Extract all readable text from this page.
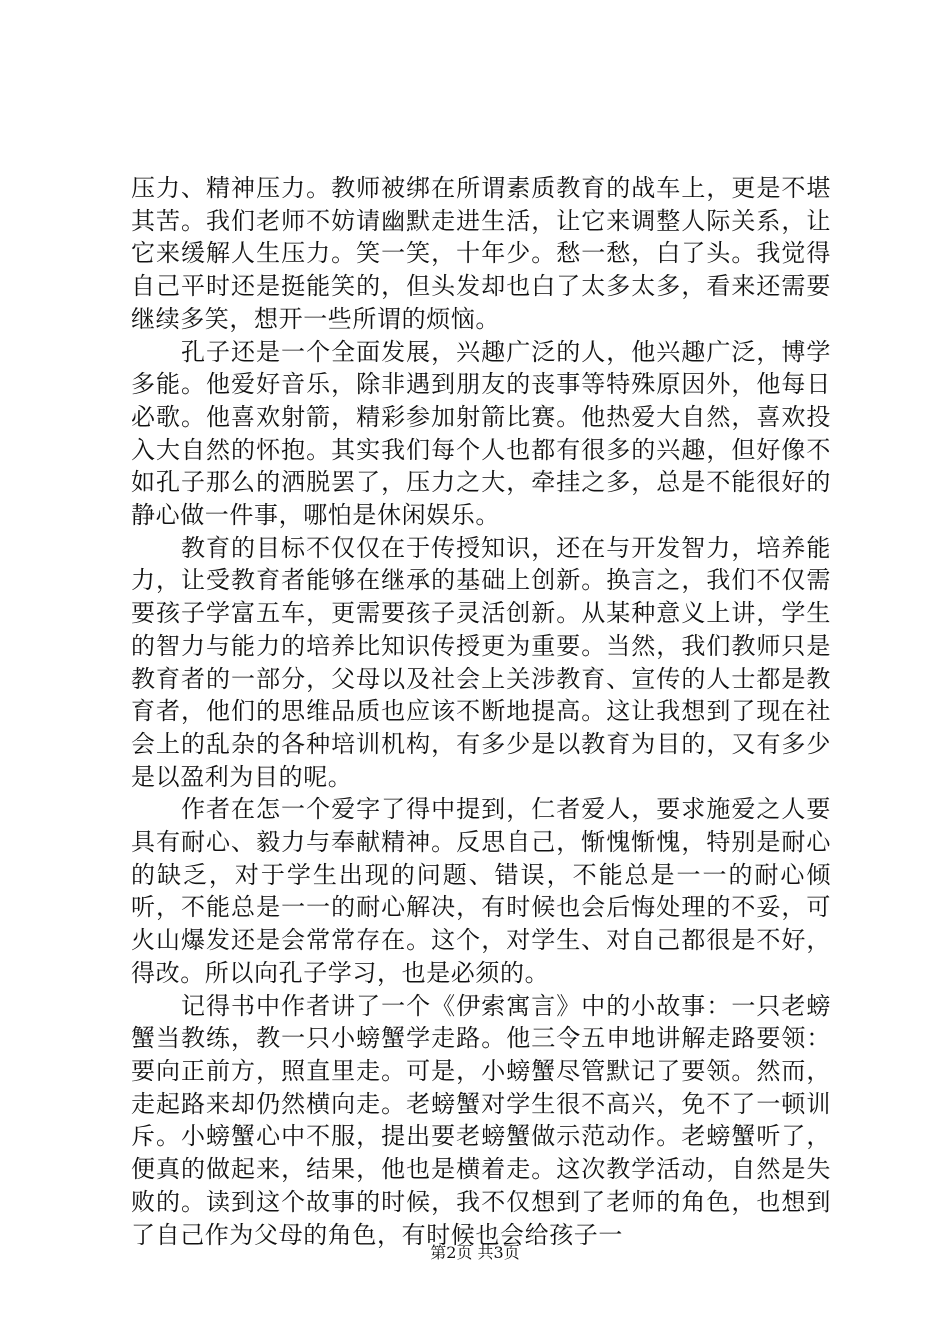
压力、精神压力。教师被绑在所谓素质教育的战车上，更是不堪其苦。我们老师不妨请幽默走进生活，让它来调整人际关系，让它来缓解人生压力。笑一笑，十年少。愁一愁，白了头。我觉得自己平时还是挺能笑的，但头发却也白了太多太多，看来还需要继续多笑，想开一些所谓的烦恼。

孔子还是一个全面发展，兴趣广泛的人，他兴趣广泛，博学多能。他爱好音乐，除非遇到朋友的丧事等特殊原因外，他每日必歌。他喜欢射箭，精彩参加射箭比赛。他热爱大自然，喜欢投入大自然的怀抱。其实我们每个人也都有很多的兴趣，但好像不如孔子那么的洒脱罢了，压力之大，牵挂之多，总是不能很好的静心做一件事，哪怕是休闲娱乐。

教育的目标不仅仅在于传授知识，还在与开发智力，培养能力，让受教育者能够在继承的基础上创新。换言之，我们不仅需要孩子学富五车，更需要孩子灵活创新。从某种意义上讲，学生的智力与能力的培养比知识传授更为重要。当然，我们教师只是教育者的一部分，父母以及社会上关涉教育、宣传的人士都是教育者，他们的思维品质也应该不断地提高。这让我想到了现在社会上的乱杂的各种培训机构，有多少是以教育为目的，又有多少是以盈利为目的呢。

作者在怎一个爱字了得中提到，仁者爱人，要求施爱之人要具有耐心、毅力与奉献精神。反思自己，惭愧惭愧，特别是耐心的缺乏，对于学生出现的问题、错误，不能总是一一的耐心倾听，不能总是一一的耐心解决，有时候也会后悔处理的不妥，可火山爆发还是会常常存在。这个，对学生、对自己都很是不好，得改。所以向孔子学习，也是必须的。

记得书中作者讲了一个《伊索寓言》中的小故事：一只老螃蟹当教练，教一只小螃蟹学走路。他三令五申地讲解走路要领：要向正前方，照直里走。可是，小螃蟹尽管默记了要领。然而，走起路来却仍然横向走。老螃蟹对学生很不高兴，免不了一顿训斥。小螃蟹心中不服，提出要老螃蟹做示范动作。老螃蟹听了，便真的做起来，结果，他也是横着走。这次教学活动，自然是失败的。读到这个故事的时候，我不仅想到了老师的角色，也想到了自己作为父母的角色，有时候也会给孩子一

第2页 共3页
